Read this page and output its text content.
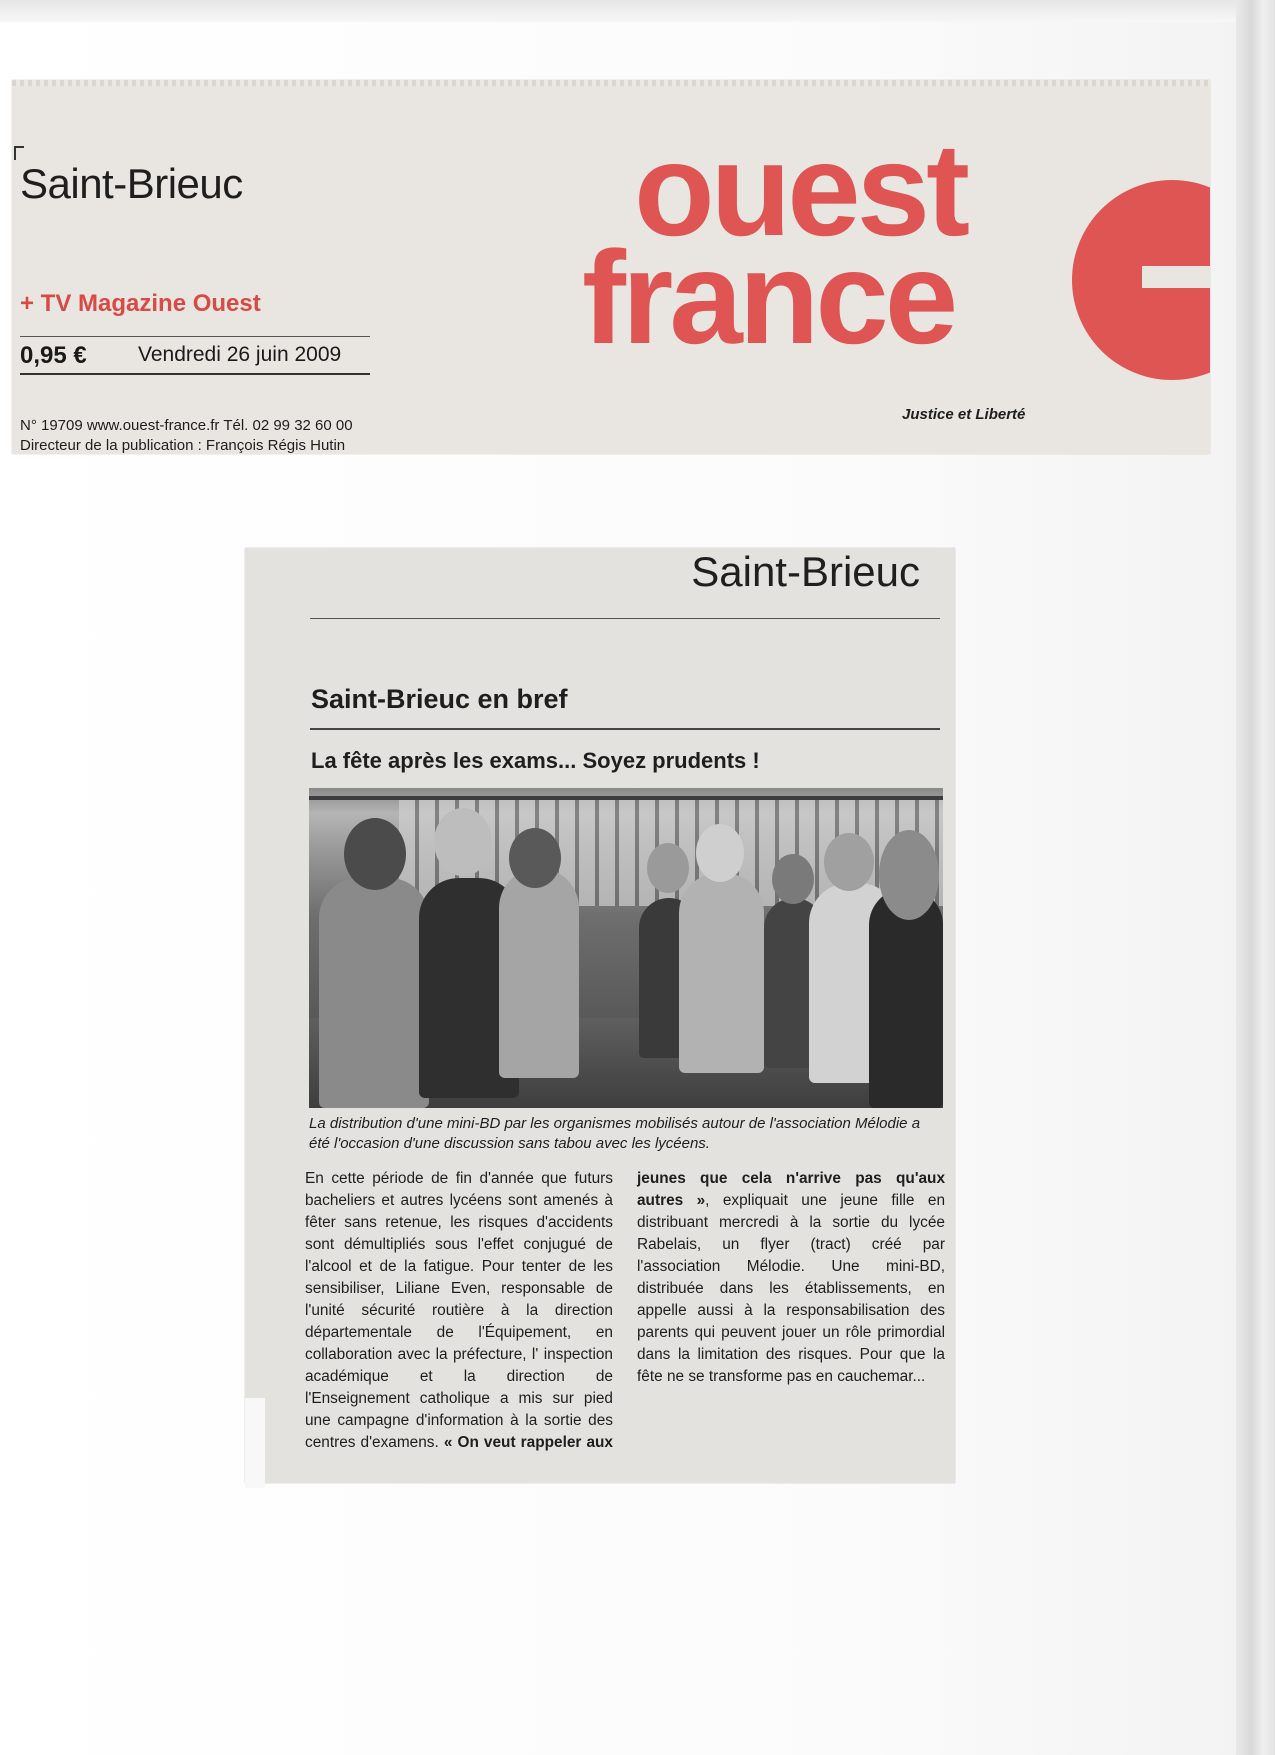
Saint-Brieuc
+ TV Magazine Ouest
0,95 € Vendredi 26 juin 2009
N° 19709 www.ouest-france.fr Tél. 02 99 32 60 00
Directeur de la publication : François Régis Hutin
ouest
france
Justice et Liberté
Saint-Brieuc
Saint-Brieuc en bref
La fête après les exams... Soyez prudents !
La distribution d'une mini-BD par les organismes mobilisés autour de l'association Mélodie a été l'occasion d'une discussion sans tabou avec les lycéens.
En cette période de fin d'année que futurs bacheliers et autres lycéens sont amenés à fêter sans retenue, les risques d'accidents sont démultipliés sous l'effet conjugué de l'alcool et de la fatigue. Pour tenter de les sensibiliser, Liliane Even, responsable de l'unité sécurité routière à la direction départementale de l'Équipement, en collaboration avec la préfecture, l' inspection académique et la direction de l'Enseignement catholique a mis sur pied une campagne d'information à la sortie des centres d'examens. « On veut rappeler aux jeunes que cela n'arrive pas qu'aux autres », expliquait une jeune fille en distribuant mercredi à la sortie du lycée Rabelais, un flyer (tract) créé par l'association Mélodie. Une mini-BD, distribuée dans les établissements, en appelle aussi à la responsabilisation des parents qui peuvent jouer un rôle primordial dans la limitation des risques. Pour que la fête ne se transforme pas en cauchemar...
